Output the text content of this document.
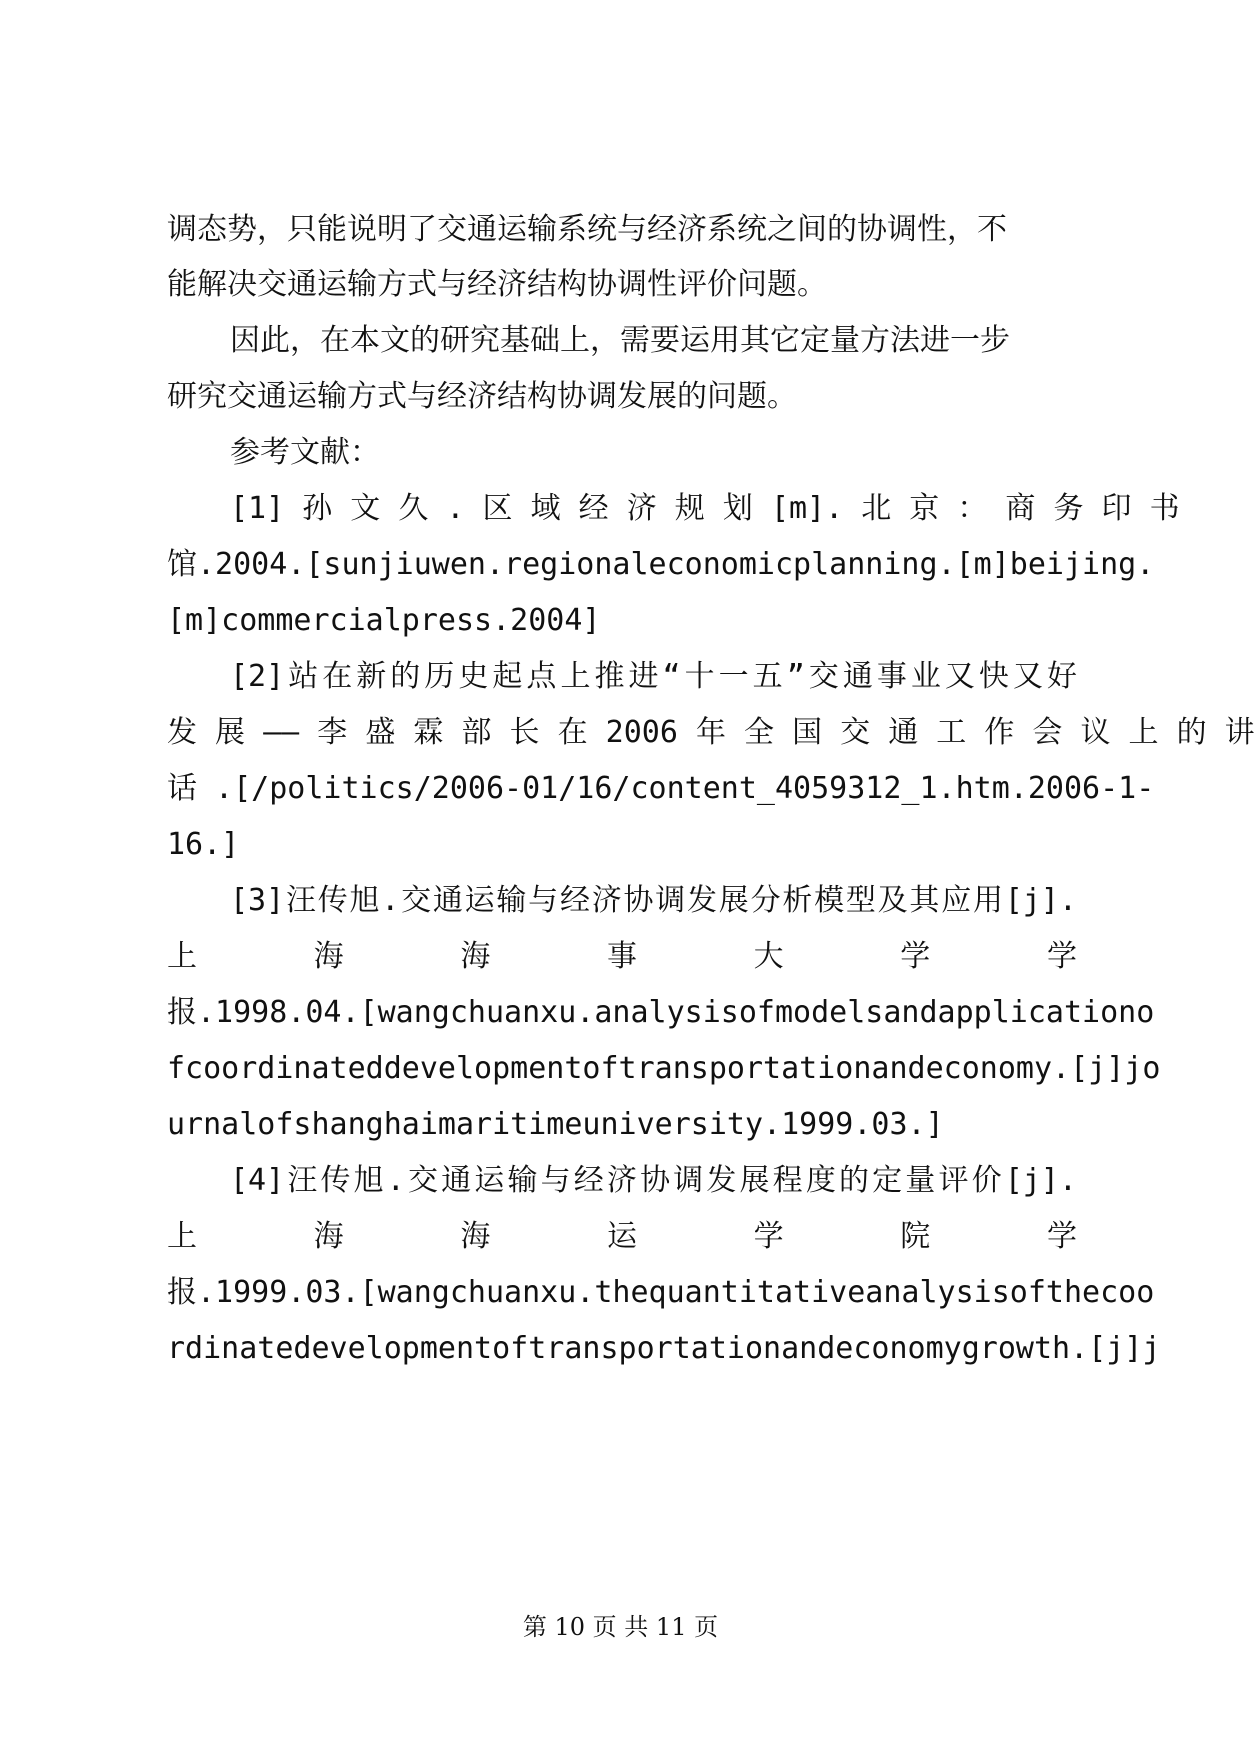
调态势，只能说明了交通运输系统与经济系统之间的协调性，不
能解决交通运输方式与经济结构协调性评价问题。
因此，在本文的研究基础上，需要运用其它定量方法进一步
研究交通运输方式与经济结构协调发展的问题。
参考文献：
[1] 孙 文 久 . 区 域 经 济 规 划 [m]. 北 京 ： 商 务 印 书
馆.2004.[sunjiuwen.regionaleconomicplanning.[m]beijing.
[m]commercialpress.2004]
[2]站在新的历史起点上推进“十一五”交通事业又快又好
发 展 —— 李 盛 霖 部 长 在 2006 年 全 国 交 通 工 作 会 议 上 的 讲
话 .[/politics/2006-01/16/content_4059312_1.htm.2006-1-
16.]
[3]汪传旭.交通运输与经济协调发展分析模型及其应用[j].
上	海	海	事	大	学	学
报.1998.04.[wangchuanxu.analysisofmodelsandapplicationo
fcoordinateddevelopmentoftransportationandeconomy.[j]jo
urnalofshanghaimaritimeuniversity.1999.03.]
[4]汪传旭.交通运输与经济协调发展程度的定量评价[j].
上	海	海	运	学	院	学
报.1999.03.[wangchuanxu.thequantitativeanalysisofthecoo
rdinatedevelopmentoftransportationandeconomygrowth.[j]j
第 10 页 共 11 页
